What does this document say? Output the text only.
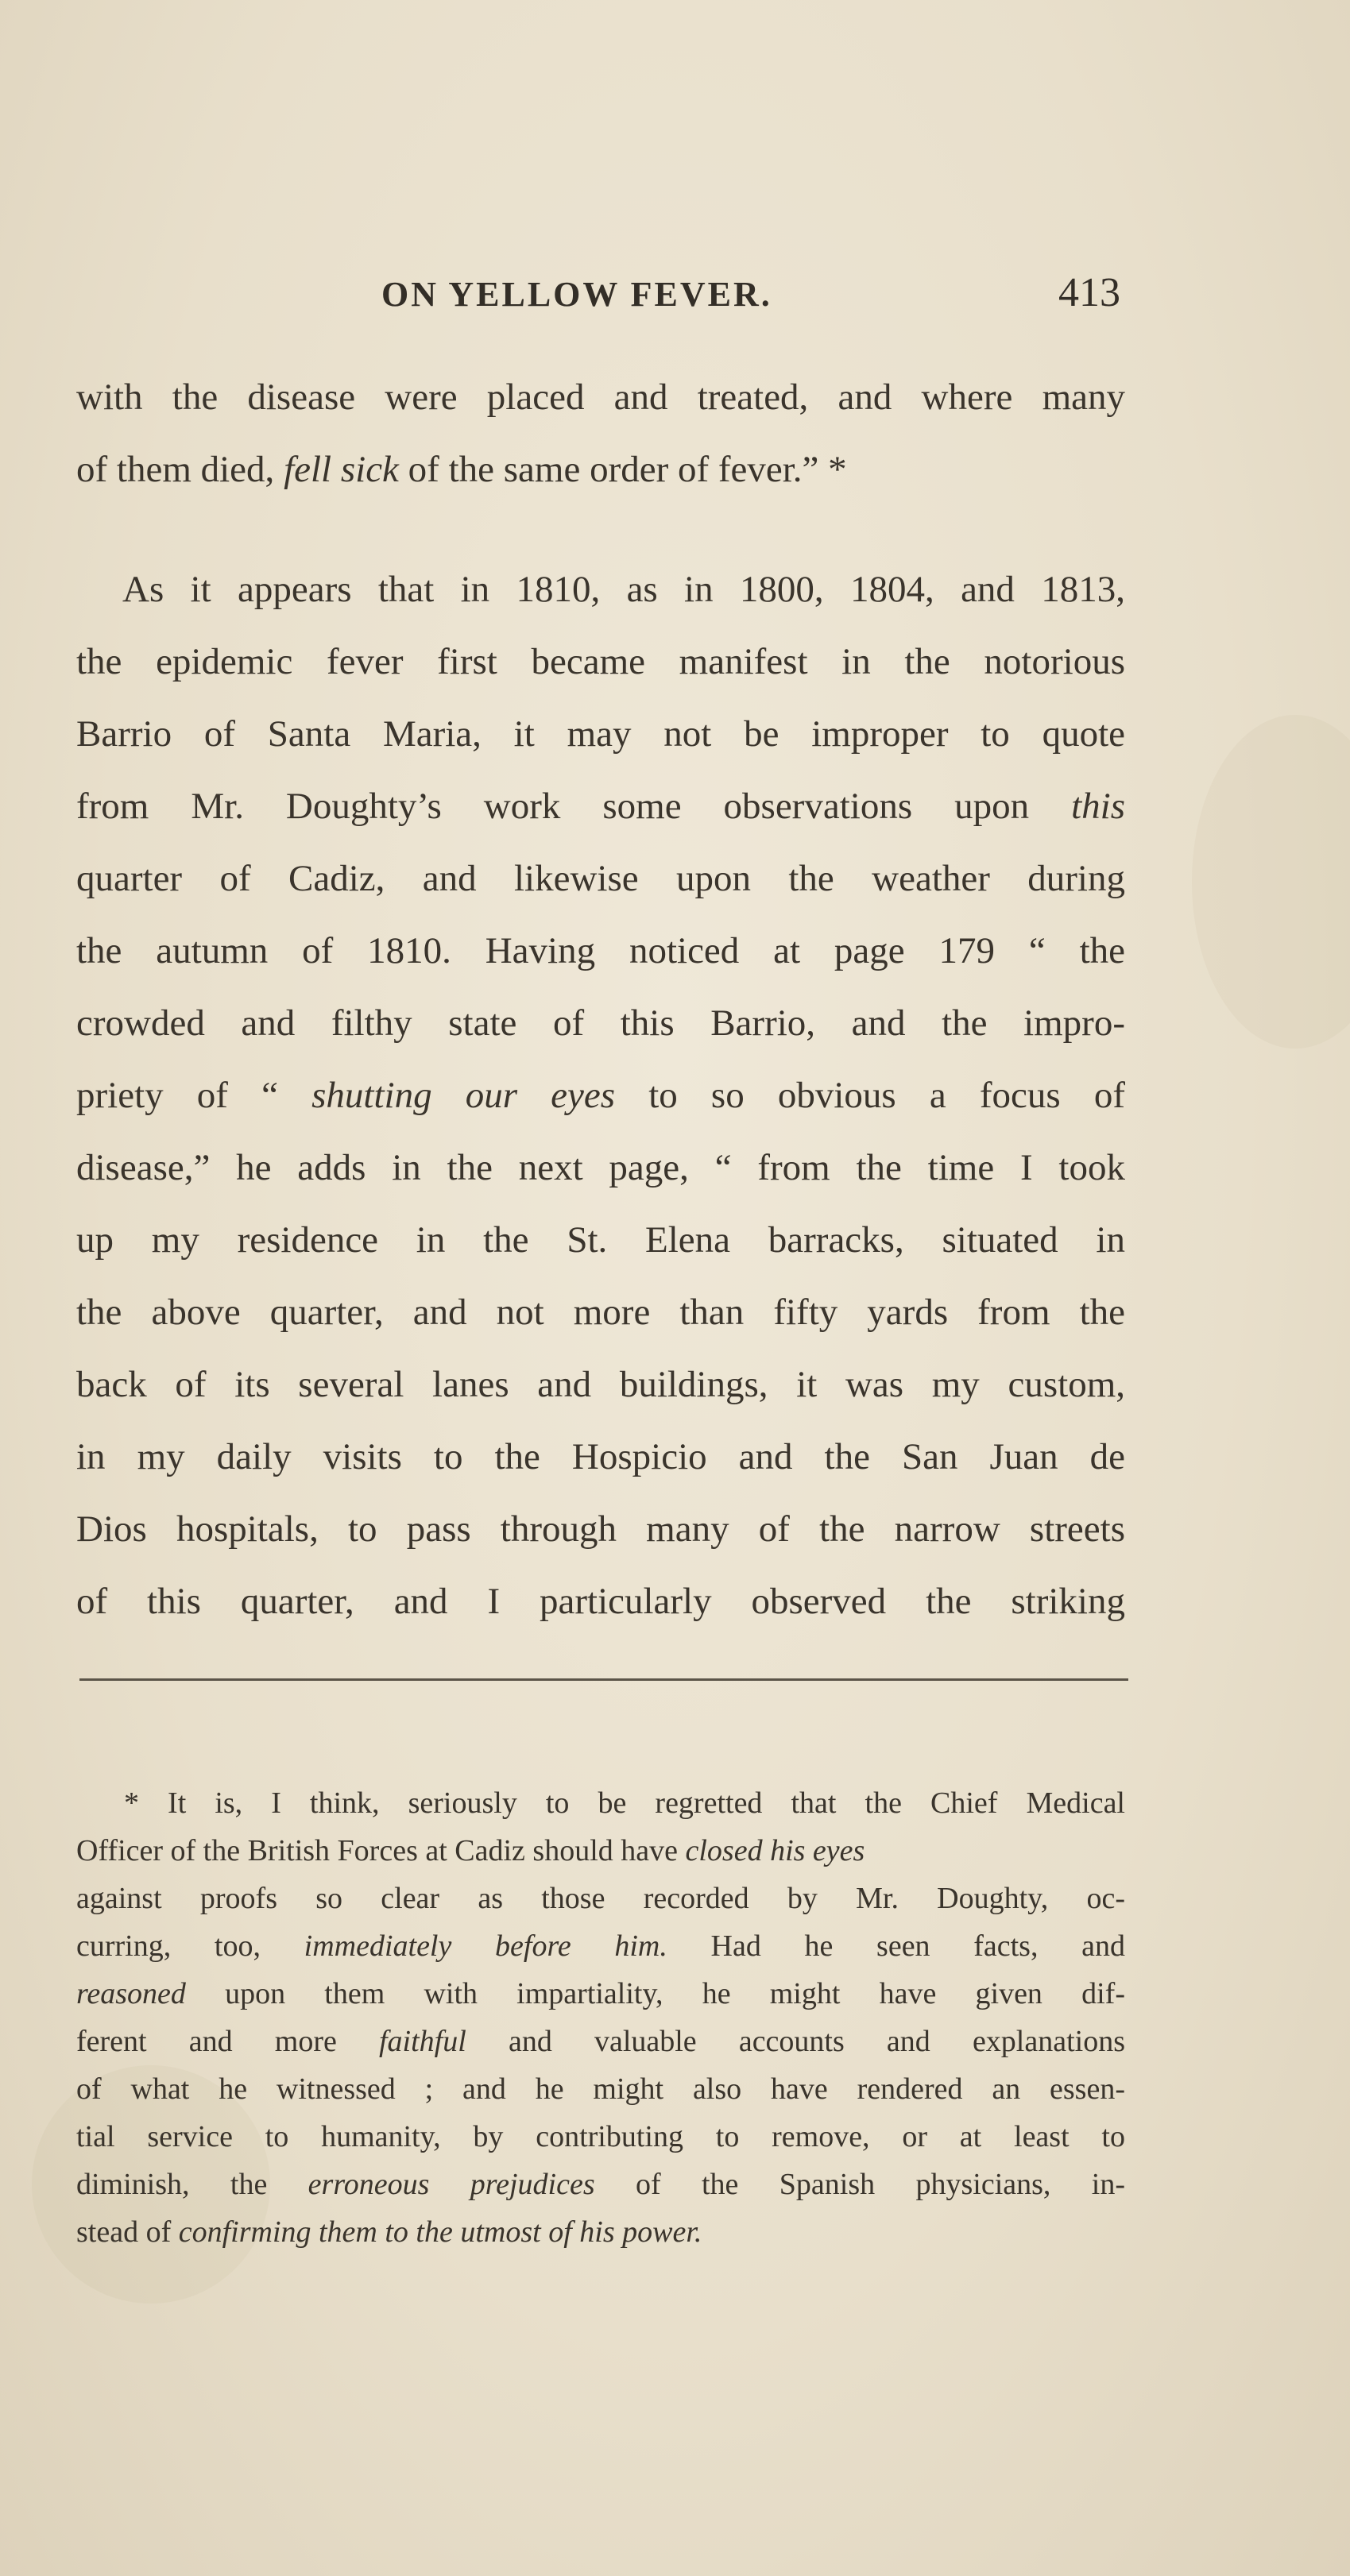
ON YELLOW FEVER.	413
with the disease were placed and treated, and where many
of them died, fell sick of the same order of fever.” *
As it appears that in 1810, as in 1800, 1804, and 1813,
the epidemic fever first became manifest in the notorious
Barrio of Santa Maria, it may not be improper to quote
from Mr. Doughty’s work some observations upon this
quarter of Cadiz, and likewise upon the weather during
the autumn of 1810. Having noticed at page 179 “ the
crowded and filthy state of this Barrio, and the impro-
priety of “ shutting our eyes to so obvious a focus of
disease,” he adds in the next page, “ from the time I took
up my residence in the St. Elena barracks, situated in
the above quarter, and not more than fifty yards from the
back of its several lanes and buildings, it was my custom,
in my daily visits to the Hospicio and the San Juan de
Dios hospitals, to pass through many of the narrow streets
of this quarter, and I particularly observed the striking
* It is, I think, seriously to be regretted that the Chief Medical
Officer of the British Forces at Cadiz should have closed his eyes
against proofs so clear as those recorded by Mr. Doughty, oc-
curring, too, immediately before him. Had he seen facts, and
reasoned upon them with impartiality, he might have given dif-
ferent and more faithful and valuable accounts and explanations
of what he witnessed ; and he might also have rendered an essen-
tial service to humanity, by contributing to remove, or at least to
diminish, the erroneous prejudices of the Spanish physicians, in-
stead of confirming them to the utmost of his power.
